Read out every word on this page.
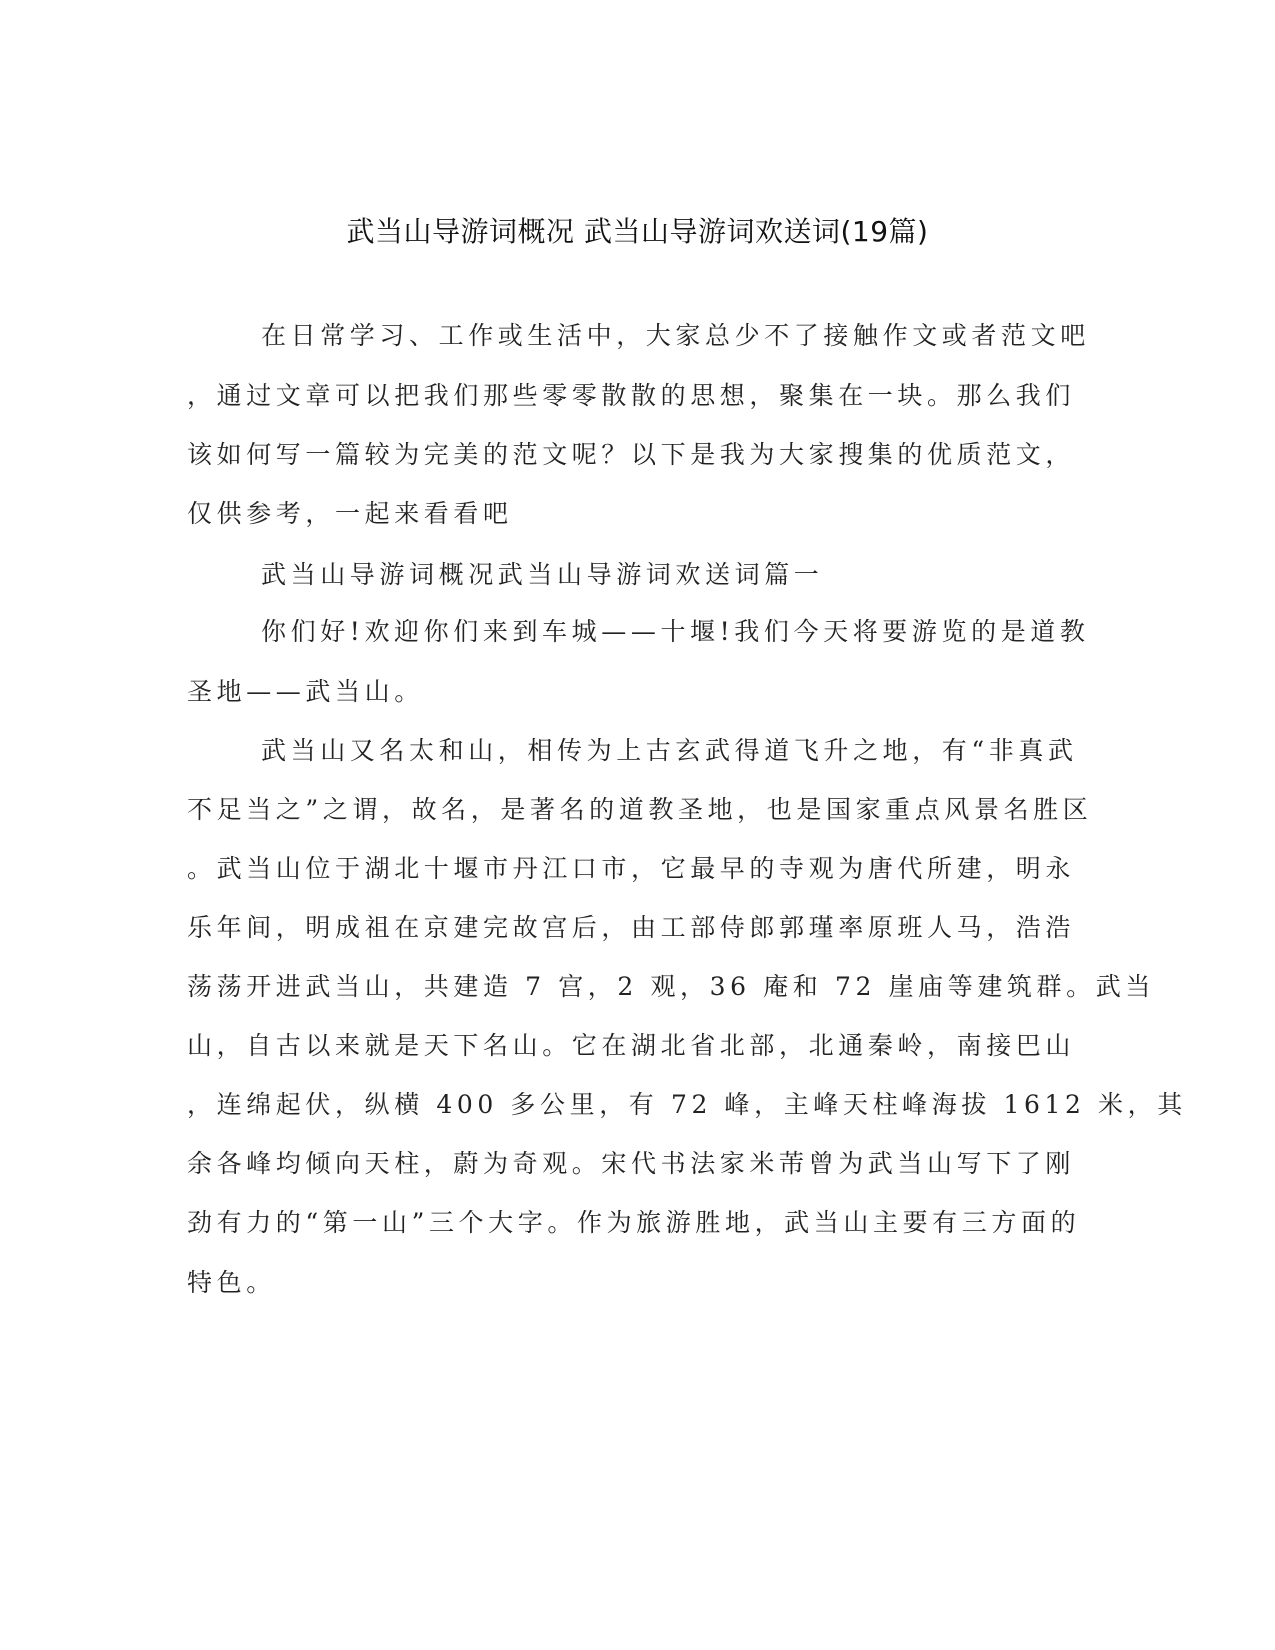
武当山导游词概况 武当山导游词欢送词(19篇)
在日常学习、工作或生活中，大家总少不了接触作文或者范文吧
，通过文章可以把我们那些零零散散的思想，聚集在一块。那么我们
该如何写一篇较为完美的范文呢？以下是我为大家搜集的优质范文，
仅供参考，一起来看看吧
武当山导游词概况武当山导游词欢送词篇一
你们好!欢迎你们来到车城——十堰!我们今天将要游览的是道教
圣地——武当山。
武当山又名太和山，相传为上古玄武得道飞升之地，有“非真武
不足当之”之谓，故名，是著名的道教圣地，也是国家重点风景名胜区
。武当山位于湖北十堰市丹江口市，它最早的寺观为唐代所建，明永
乐年间，明成祖在京建完故宫后，由工部侍郎郭瑾率原班人马，浩浩
荡荡开进武当山，共建造 7 宫，2 观，36 庵和 72 崖庙等建筑群。武当
山，自古以来就是天下名山。它在湖北省北部，北通秦岭，南接巴山
，连绵起伏，纵横 400 多公里，有 72 峰，主峰天柱峰海拔 1612 米，其
余各峰均倾向天柱，蔚为奇观。宋代书法家米芾曾为武当山写下了刚
劲有力的“第一山”三个大字。作为旅游胜地，武当山主要有三方面的
特色。
